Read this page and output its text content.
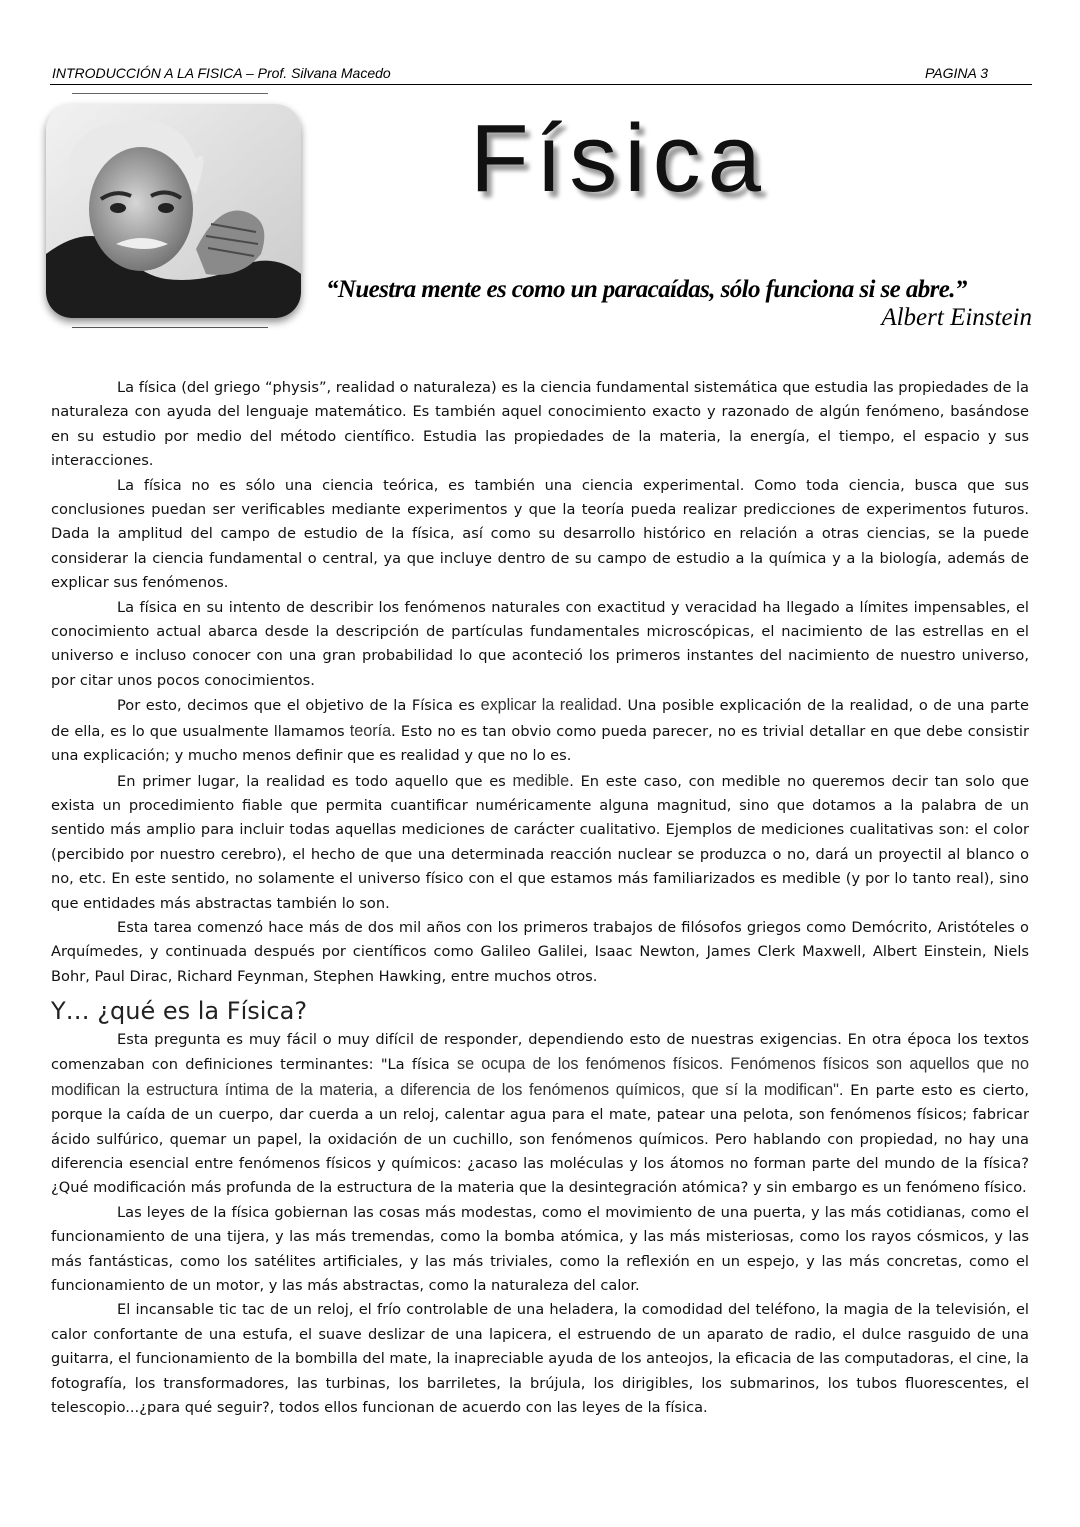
INTRODUCCIÓN A LA FISICA – Prof. Silvana Macedo	PAGINA 3
Física
“Nuestra mente es como un paracaídas, sólo funciona si se abre.”
Albert Einstein

La física (del griego “physis”, realidad o naturaleza) es la ciencia fundamental sistemática que estudia las propiedades de la naturaleza con ayuda del lenguaje matemático. Es también aquel conocimiento exacto y razonado de algún fenómeno, basándose en su estudio por medio del método científico. Estudia las propiedades de la materia, la energía, el tiempo, el espacio y sus interacciones.

La física no es sólo una ciencia teórica, es también una ciencia experimental. Como toda ciencia, busca que sus conclusiones puedan ser verificables mediante experimentos y que la teoría pueda realizar predicciones de experimentos futuros. Dada la amplitud del campo de estudio de la física, así como su desarrollo histórico en relación a otras ciencias, se la puede considerar la ciencia fundamental o central, ya que incluye dentro de su campo de estudio a la química y a la biología, además de explicar sus fenómenos.

La física en su intento de describir los fenómenos naturales con exactitud y veracidad ha llegado a límites impensables, el conocimiento actual abarca desde la descripción de partículas fundamentales microscópicas, el nacimiento de las estrellas en el universo e incluso conocer con una gran probabilidad lo que aconteció los primeros instantes del nacimiento de nuestro universo, por citar unos pocos conocimientos.

Por esto, decimos que el objetivo de la Física es explicar la realidad. Una posible explicación de la realidad, o de una parte de ella, es lo que usualmente llamamos teoría. Esto no es tan obvio como pueda parecer, no es trivial detallar en que debe consistir una explicación; y mucho menos definir que es realidad y que no lo es.

En primer lugar, la realidad es todo aquello que es medible. En este caso, con medible no queremos decir tan solo que exista un procedimiento fiable que permita cuantificar numéricamente alguna magnitud, sino que dotamos a la palabra de un sentido más amplio para incluir todas aquellas mediciones de carácter cualitativo. Ejemplos de mediciones cualitativas son: el color (percibido por nuestro cerebro), el hecho de que una determinada reacción nuclear se produzca o no, dará un proyectil al blanco o no, etc. En este sentido, no solamente el universo físico con el que estamos más familiarizados es medible (y por lo tanto real), sino que entidades más abstractas también lo son.

Esta tarea comenzó hace más de dos mil años con los primeros trabajos de filósofos griegos como Demócrito, Aristóteles o Arquímedes, y continuada después por científicos como Galileo Galilei, Isaac Newton, James Clerk Maxwell, Albert Einstein, Niels Bohr, Paul Dirac, Richard Feynman, Stephen Hawking, entre muchos otros.

Y… ¿qué es la Física?

Esta pregunta es muy fácil o muy difícil de responder, dependiendo esto de nuestras exigencias. En otra época los textos comenzaban con definiciones terminantes: "La física se ocupa de los fenómenos físicos. Fenómenos físicos son aquellos que no modifican la estructura íntima de la materia, a diferencia de los fenómenos químicos, que sí la modifican". En parte esto es cierto, porque la caída de un cuerpo, dar cuerda a un reloj, calentar agua para el mate, patear una pelota, son fenómenos físicos; fabricar ácido sulfúrico, quemar un papel, la oxidación de un cuchillo, son fenómenos químicos. Pero hablando con propiedad, no hay una diferencia esencial entre fenómenos físicos y químicos: ¿acaso las moléculas y los átomos no forman parte del mundo de la física? ¿Qué modificación más profunda de la estructura de la materia que la desintegración atómica? y sin embargo es un fenómeno físico.

Las leyes de la física gobiernan las cosas más modestas, como el movimiento de una puerta, y las más cotidianas, como el funcionamiento de una tijera, y las más tremendas, como la bomba atómica, y las más misteriosas, como los rayos cósmicos, y las más fantásticas, como los satélites artificiales, y las más triviales, como la reflexión en un espejo, y las más concretas, como el funcionamiento de un motor, y las más abstractas, como la naturaleza del calor.

El incansable tic tac de un reloj, el frío controlable de una heladera, la comodidad del teléfono, la magia de la televisión, el calor confortante de una estufa, el suave deslizar de una lapicera, el estruendo de un aparato de radio, el dulce rasguido de una guitarra, el funcionamiento de la bombilla del mate, la inapreciable ayuda de los anteojos, la eficacia de las computadoras, el cine, la fotografía, los transformadores, las turbinas, los barriletes, la brújula, los dirigibles, los submarinos, los tubos fluorescentes, el telescopio...¿para qué seguir?, todos ellos funcionan de acuerdo con las leyes de la física.
